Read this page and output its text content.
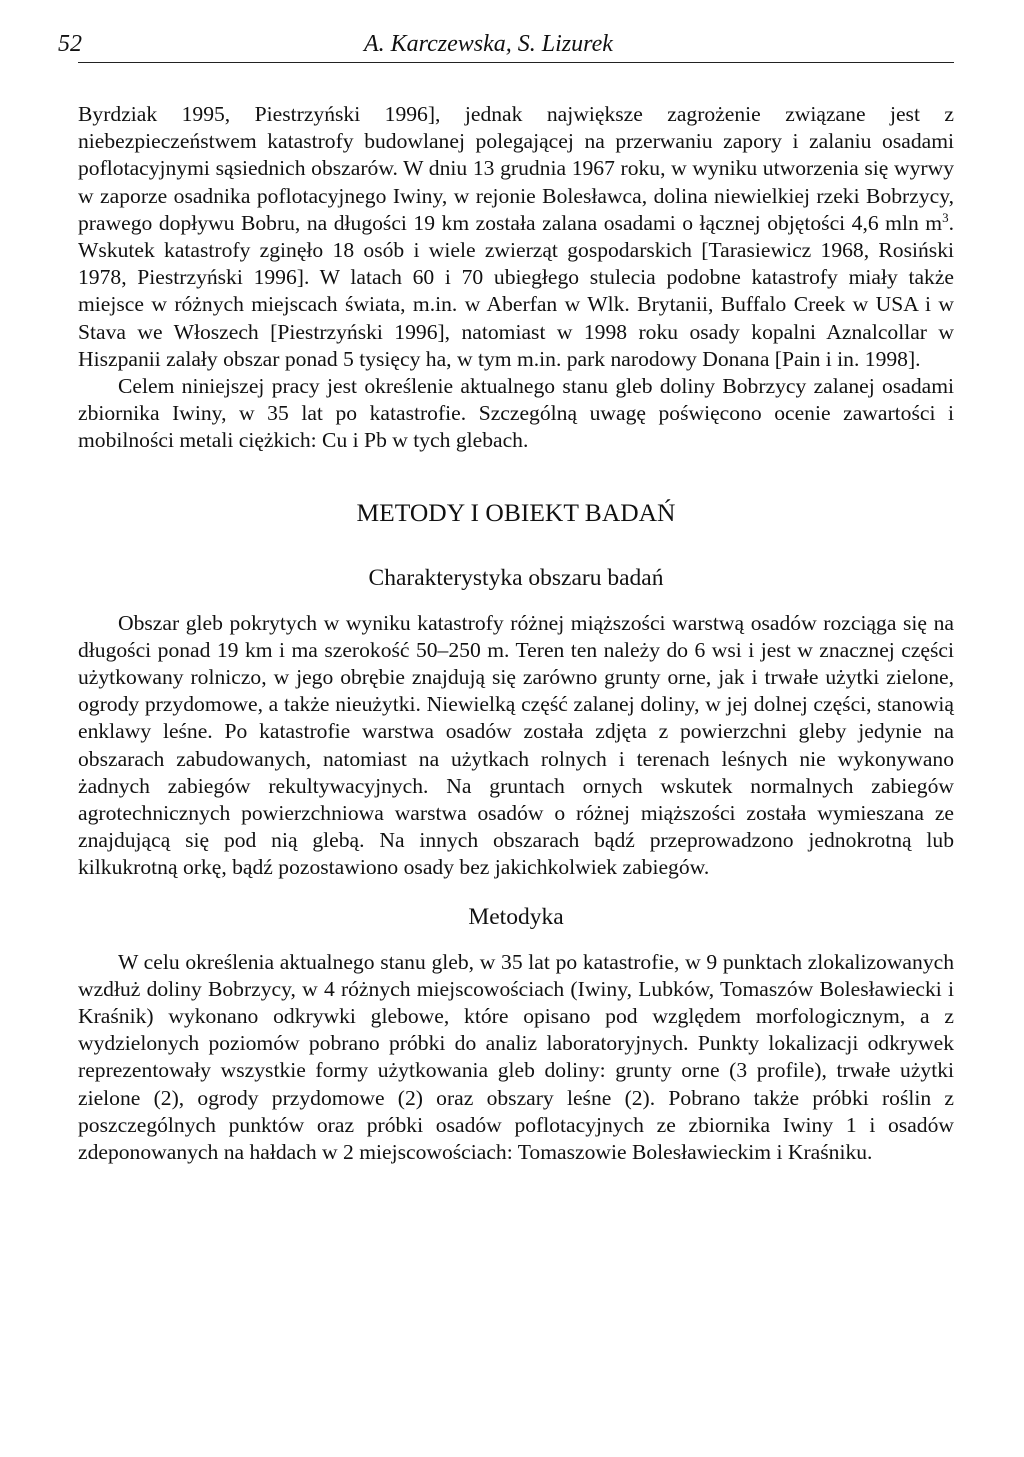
52	A. Karczewska, S. Lizurek

Byrdziak 1995, Piestrzyński 1996], jednak największe zagrożenie związane jest z niebezpieczeństwem katastrofy budowlanej polegającej na przerwaniu zapory i zalaniu osadami poflotacyjnymi sąsiednich obszarów. W dniu 13 grudnia 1967 roku, w wyniku utworzenia się wyrwy w zaporze osadnika poflotacyjnego Iwiny, w rejonie Bolesławca, dolina niewielkiej rzeki Bobrzycy, prawego dopływu Bobru, na długości 19 km została zalana osadami o łącznej objętości 4,6 mln $m^3$. Wskutek katastrofy zginęło 18 osób i wiele zwierząt gospodarskich [Tarasiewicz 1968, Rosiński 1978, Piestrzyński 1996]. W latach 60 i 70 ubiegłego stulecia podobne katastrofy miały także miejsce w różnych miejscach świata, m.in. w Aberfan w Wlk. Brytanii, Buffalo Creek w USA i w Stava we Włoszech [Piestrzyński 1996], natomiast w 1998 roku osady kopalni Aznalcollar w Hiszpanii zalały obszar ponad 5 tysięcy ha, w tym m.in. park narodowy Donana [Pain i in. 1998].

Celem niniejszej pracy jest określenie aktualnego stanu gleb doliny Bobrzycy zalanej osadami zbiornika Iwiny, w 35 lat po katastrofie. Szczególną uwagę poświęcono ocenie zawartości i mobilności metali ciężkich: Cu i Pb w tych glebach.

METODY I OBIEKT BADAŃ
Charakterystyka obszaru badań

Obszar gleb pokrytych w wyniku katastrofy różnej miąższości warstwą osadów rozciąga się na długości ponad 19 km i ma szerokość 50–250 m. Teren ten należy do 6 wsi i jest w znacznej części użytkowany rolniczo, w jego obrębie znajdują się zarówno grunty orne, jak i trwałe użytki zielone, ogrody przydomowe, a także nieużytki. Niewielką część zalanej doliny, w jej dolnej części, stanowią enklawy leśne. Po katastrofie warstwa osadów została zdjęta z powierzchni gleby jedynie na obszarach zabudowanych, natomiast na użytkach rolnych i terenach leśnych nie wykonywano żadnych zabiegów rekultywacyjnych. Na gruntach ornych wskutek normalnych zabiegów agrotechnicznych powierzchniowa warstwa osadów o różnej miąższości została wymieszana ze znajdującą się pod nią glebą. Na innych obszarach bądź przeprowadzono jednokrotną lub kilkukrotną orkę, bądź pozostawiono osady bez jakichkolwiek zabiegów.

Metodyka

W celu określenia aktualnego stanu gleb, w 35 lat po katastrofie, w 9 punktach zlokalizowanych wzdłuż doliny Bobrzycy, w 4 różnych miejscowościach (Iwiny, Lubków, Tomaszów Bolesławiecki i Kraśnik) wykonano odkrywki glebowe, które opisano pod względem morfologicznym, a z wydzielonych poziomów pobrano próbki do analiz laboratoryjnych. Punkty lokalizacji odkrywek reprezentowały wszystkie formy użytkowania gleb doliny: grunty orne (3 profile), trwałe użytki zielone (2), ogrody przydomowe (2) oraz obszary leśne (2). Pobrano także próbki roślin z poszczególnych punktów oraz próbki osadów poflotacyjnych ze zbiornika Iwiny 1 i osadów zdeponowanych na hałdach w 2 miejscowościach: Tomaszowie Bolesławieckim i Kraśniku.
